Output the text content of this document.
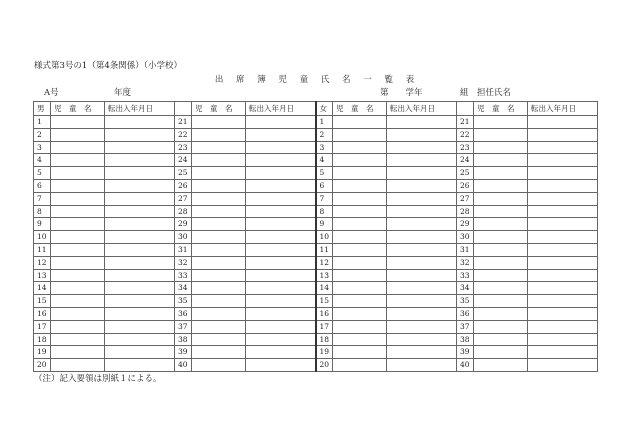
様式第3号の1（第4条関係）（小学校）
出 席 簿 児 童 氏 名 一 覧 表
A号	年度	第　　学年	組　担任氏名
男	児　童　名	転出入年月日		児　童　名	転出入年月日	女	児　童　名	転出入年月日		児　童　名	転出入年月日
1			21			1			21		
2			22			2			22		
3			23			3			23		
4			24			4			24		
5			25			5			25		
6			26			6			26		
7			27			7			27		
8			28			8			28		
9			29			9			29		
10			30			10			30		
11			31			11			31		
12			32			12			32		
13			33			13			33		
14			34			14			34		
15			35			15			35		
16			36			16			36		
17			37			17			37		
18			38			18			38		
19			39			19			39		
20			40			20			40		
（注）記入要領は別紙１による。
